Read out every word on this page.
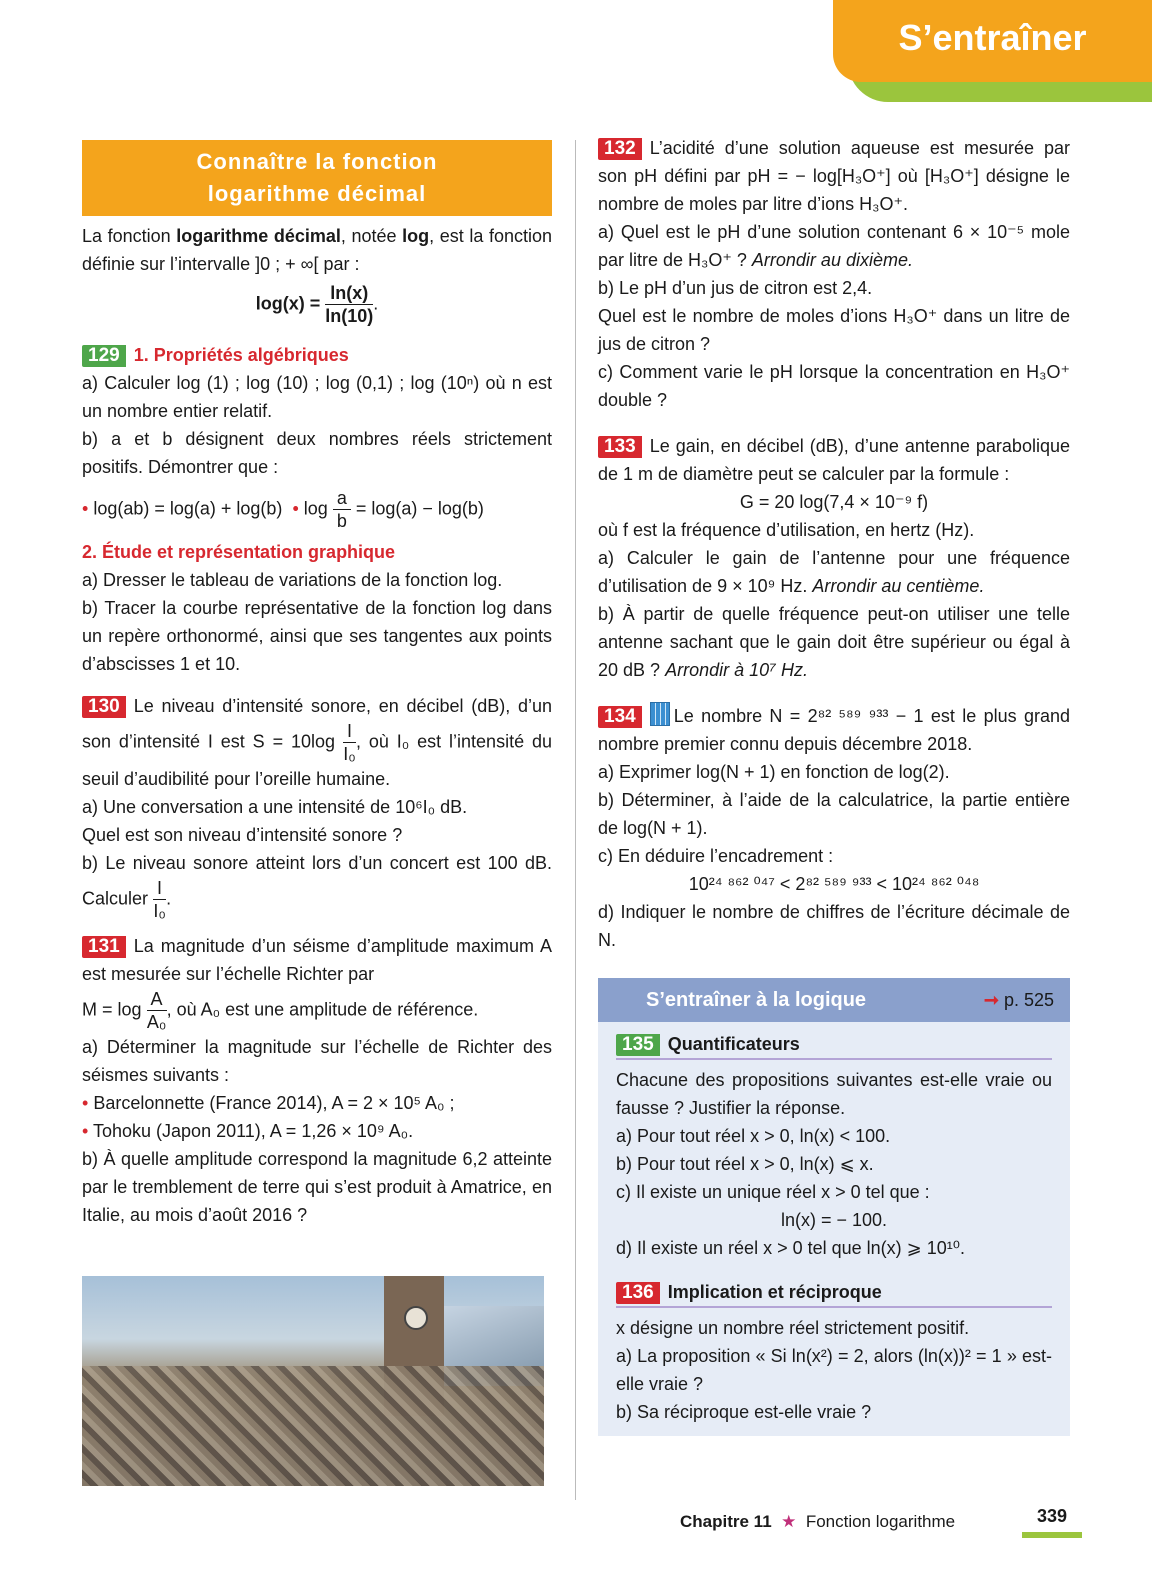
S’entraîner
Connaître la fonction
logarithme décimal

La fonction logarithme décimal, notée log, est la fonction définie sur l’intervalle ]0 ; + ∞[ par :

$\log(x) = \frac{\ln(x)}{\ln(10)}$ .

129 1. Propriétés algébriques

a) Calculer log (1) ; log (10) ; log (0,1) ; log (10ⁿ) où n est un nombre entier relatif.

b) a et b désignent deux nombres réels strictement positifs. Démontrer que :

• log(ab) = log(a) + log(b) • $\log \frac{a}{b} = \log(a) - \log(b)$

2. Étude et représentation graphique

a) Dresser le tableau de variations de la fonction log.

b) Tracer la courbe représentative de la fonction log dans un repère orthonormé, ainsi que ses tangentes aux points d’abscisses 1 et 10.

130 Le niveau d’intensité sonore, en décibel (dB), d’un son d’intensité I est $S = 10\log \frac{I}{\text{I₀}}$ , où I₀ est l’intensité du seuil d’audibilité pour l’oreille humaine.

a) Une conversation a une intensité de 10⁶I₀ dB.

Quel est son niveau d’intensité sonore ?

b) Le niveau sonore atteint lors d’un concert est 100 dB. Calculer $\frac{I}{\text{I₀}}$ .

131 La magnitude d’un séisme d’amplitude maximum A est mesurée sur l’échelle Richter par

$M = \log \frac{A}{\text{A₀}}$ , où A₀ est une amplitude de référence.

a) Déterminer la magnitude sur l’échelle de Richter des séismes suivants :

• Barcelonnette (France 2014), A = 2 × 10⁵ A₀ ;

• Tohoku (Japon 2011), A = 1,26 × 10⁹ A₀.

b) À quelle amplitude correspond la magnitude 6,2 atteinte par le tremblement de terre qui s’est produit à Amatrice, en Italie, au mois d’août 2016 ?

132 L’acidité d’une solution aqueuse est mesurée par son pH défini par pH = − log[H₃O⁺] où [H₃O⁺] désigne le nombre de moles par litre d’ions H₃O⁺.

a) Quel est le pH d’une solution contenant 6 × 10⁻⁵ mole par litre de H₃O⁺ ? Arrondir au dixième.

b) Le pH d’un jus de citron est 2,4.

Quel est le nombre de moles d’ions H₃O⁺ dans un litre de jus de citron ?

c) Comment varie le pH lorsque la concentration en H₃O⁺ double ?

133 Le gain, en décibel (dB), d’une antenne parabolique de 1 m de diamètre peut se calculer par la formule :

G = 20 log(7,4 × 10⁻⁹ f)

où f est la fréquence d’utilisation, en hertz (Hz).

a) Calculer le gain de l’antenne pour une fréquence d’utilisation de 9 × 10⁹ Hz. Arrondir au centième.

b) À partir de quelle fréquence peut-on utiliser une telle antenne sachant que le gain doit être supérieur ou égal à 20 dB ? Arrondir à 10⁷ Hz.

134 Le nombre N = 2⁸² ⁵⁸⁹ ⁹³³ − 1 est le plus grand nombre premier connu depuis décembre 2018.

a) Exprimer log(N + 1) en fonction de log(2).

b) Déterminer, à l’aide de la calculatrice, la partie entière de log(N + 1).

c) En déduire l’encadrement :

10²⁴ ⁸⁶² ⁰⁴⁷ < 2⁸² ⁵⁸⁹ ⁹³³ < 10²⁴ ⁸⁶² ⁰⁴⁸

d) Indiquer le nombre de chiffres de l’écriture décimale de N.

S’entraîner à la logique	➞ p. 525
135 Quantificateurs

Chacune des propositions suivantes est-elle vraie ou fausse ? Justifier la réponse.

a) Pour tout réel x > 0, ln(x) < 100.

b) Pour tout réel x > 0, ln(x) ⩽ x.

c) Il existe un unique réel x > 0 tel que :

ln(x) = − 100.

d) Il existe un réel x > 0 tel que ln(x) ⩾ 10¹⁰.

136 Implication et réciproque

x désigne un nombre réel strictement positif.

a) La proposition « Si ln(x²) = 2, alors (ln(x))² = 1 » est-elle vraie ?

b) Sa réciproque est-elle vraie ?

Chapitre 11 ★ Fonction logarithme	339
